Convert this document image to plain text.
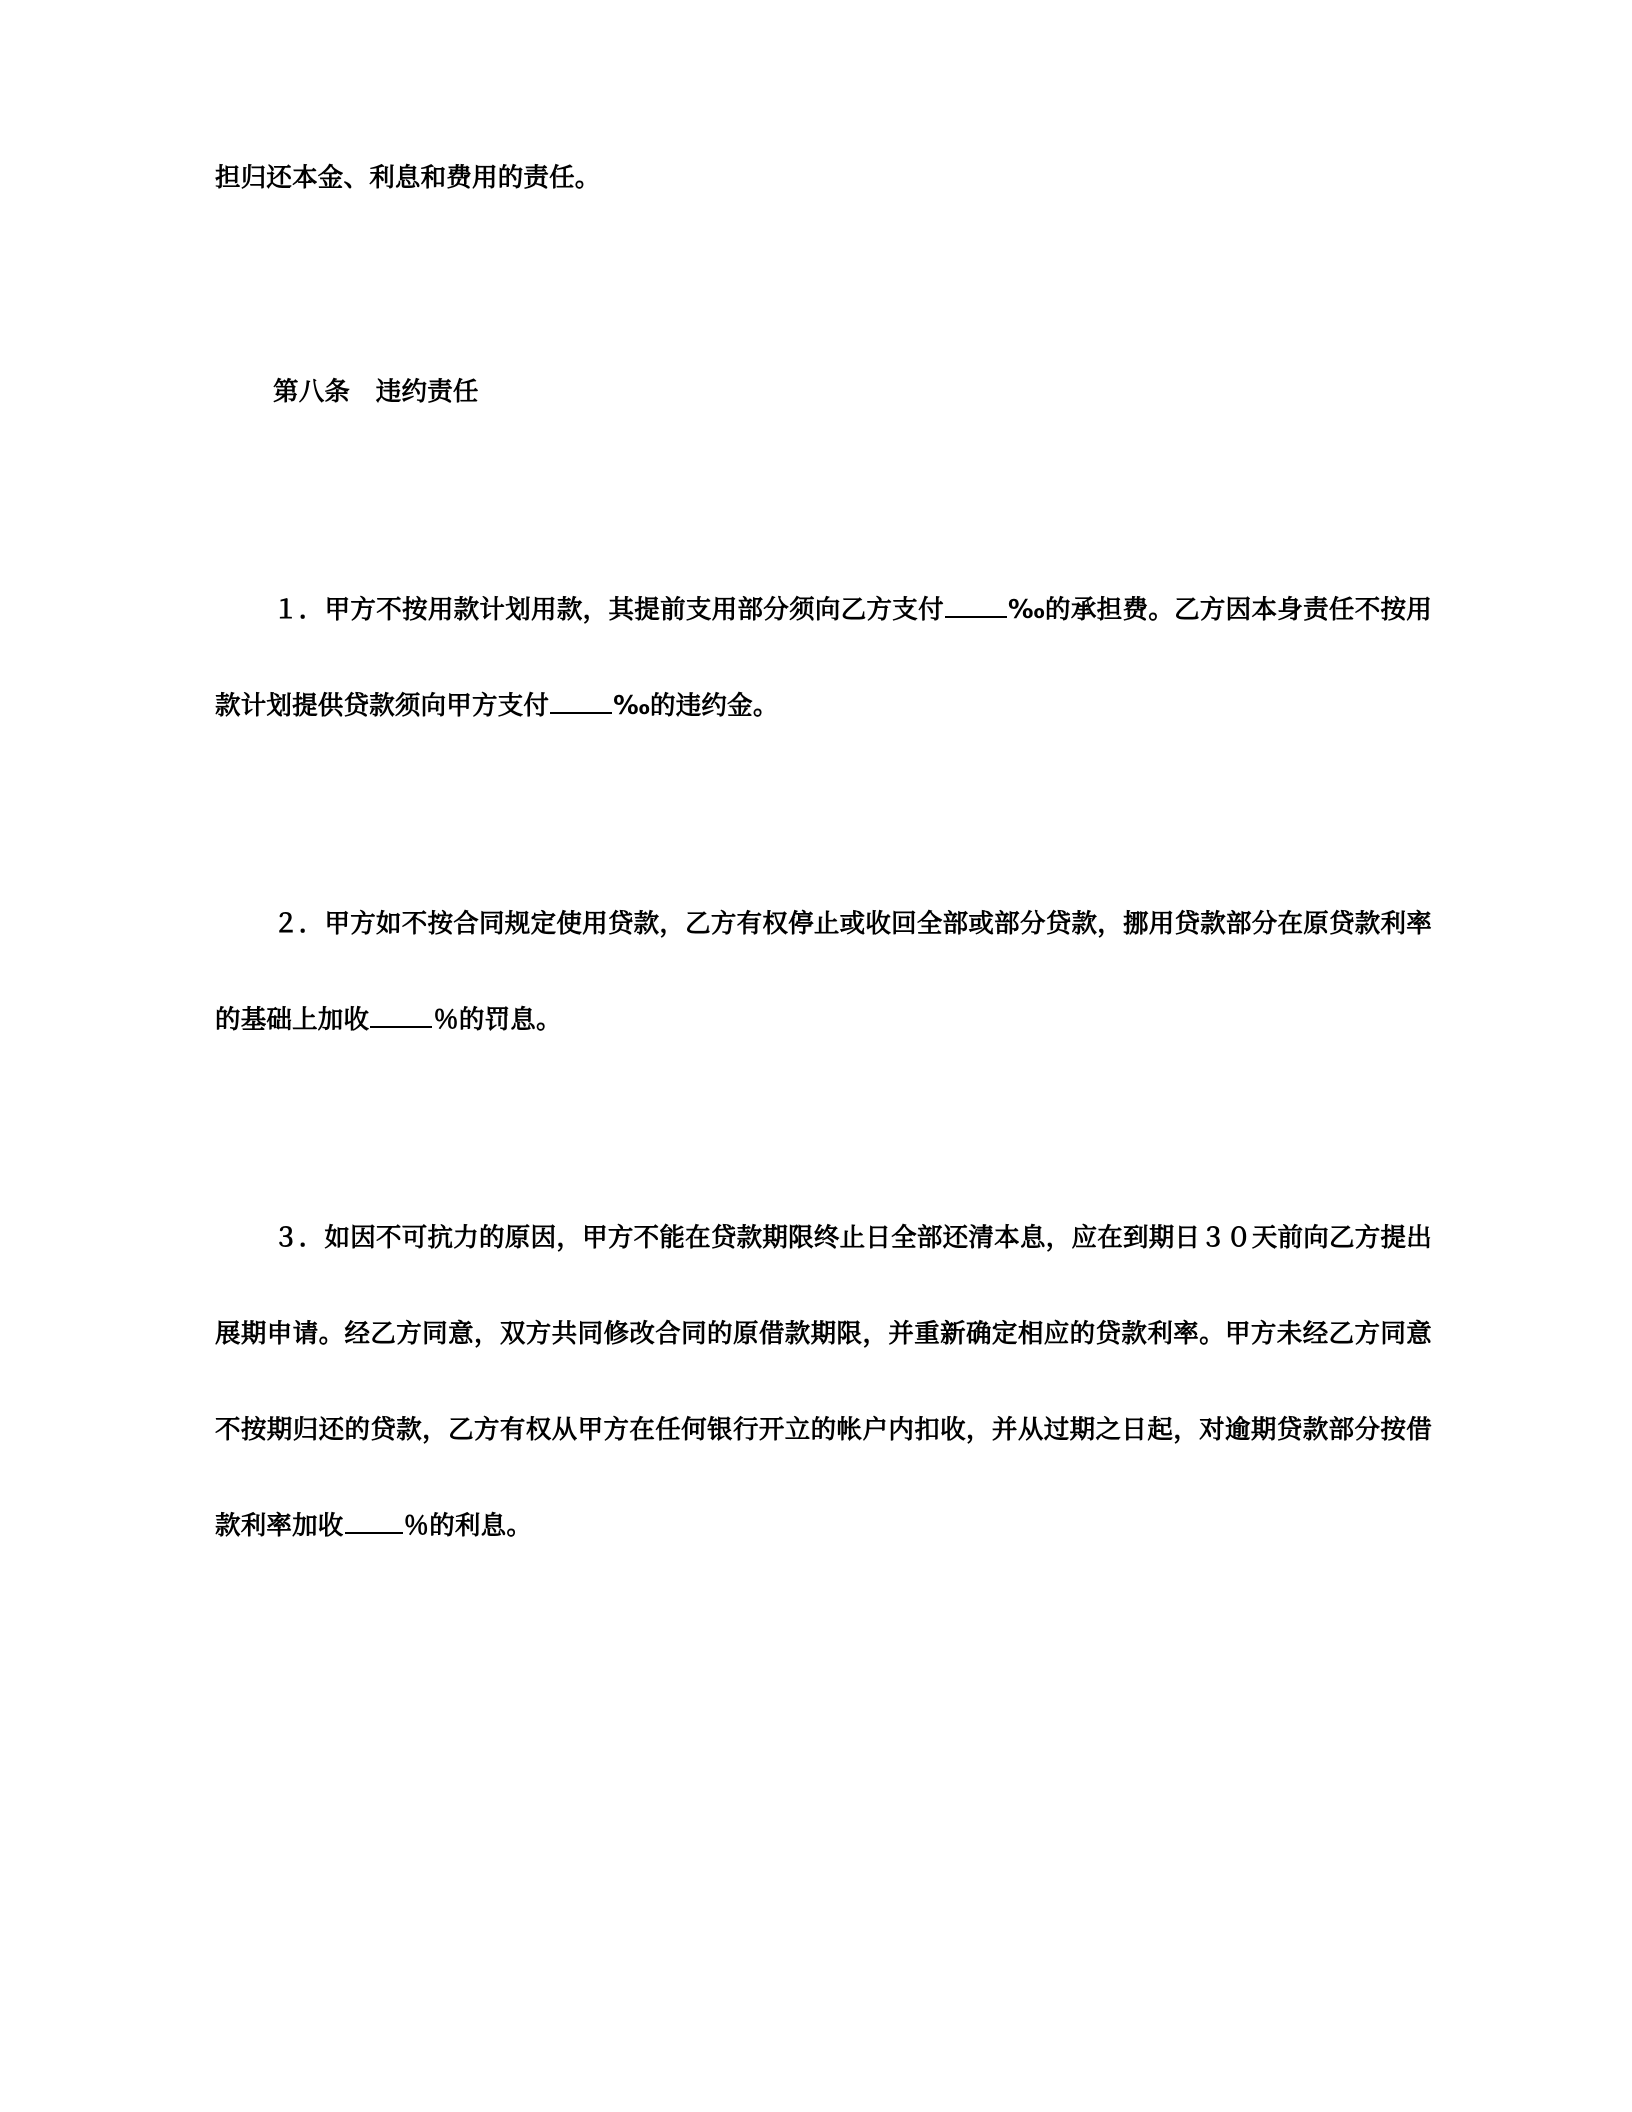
担归还本金、利息和费用的责任。

第八条　违约责任

１．甲方不按用款计划用款，其提前支用部分须向乙方支付	‰的承担费。乙方因本身责任不按用款计划提供贷款须向甲方支付	‰的违约金。

２．甲方如不按合同规定使用贷款，乙方有权停止或收回全部或部分贷款，挪用贷款部分在原贷款利率的基础上加收	％的罚息。

３．如因不可抗力的原因，甲方不能在贷款期限终止日全部还清本息，应在到期日３０天前向乙方提出展期申请。经乙方同意，双方共同修改合同的原借款期限，并重新确定相应的贷款利率。甲方未经乙方同意不按期归还的贷款，乙方有权从甲方在任何银行开立的帐户内扣收，并从过期之日起，对逾期贷款部分按借款利率加收 ％的利息。
